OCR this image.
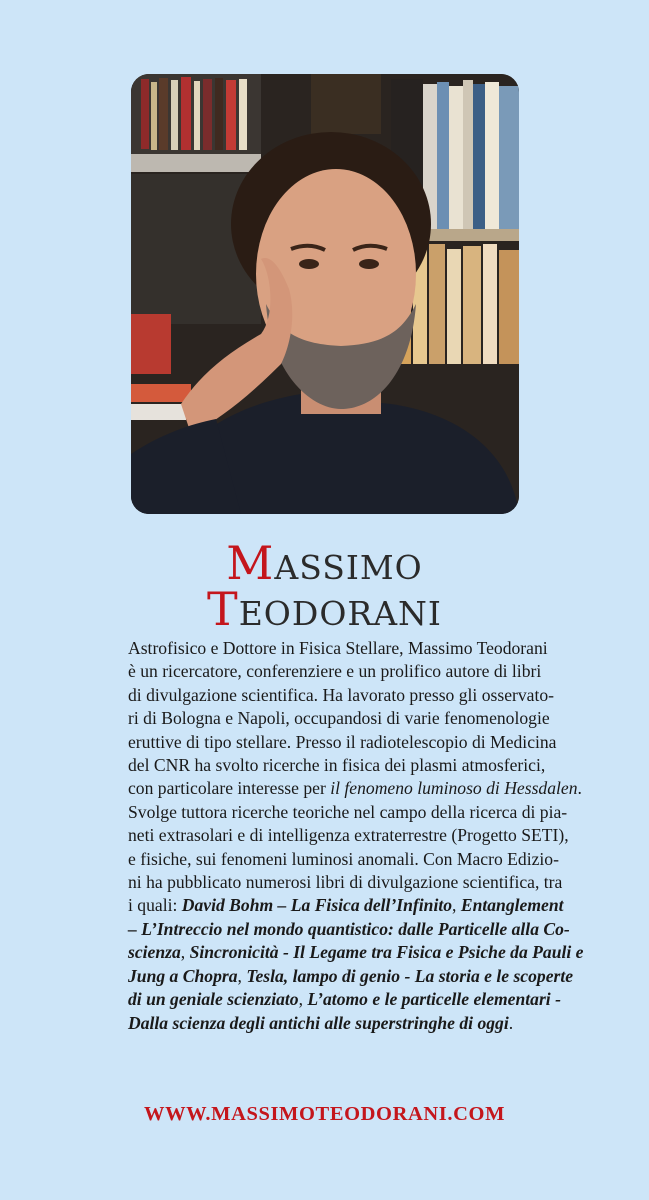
MASSIMO
TEODORANI
Astrofisico e Dottore in Fisica Stellare, Massimo Teodorani
è un ricercatore, conferenziere e un prolifico autore di libri
di divulgazione scientifica. Ha lavorato presso gli osservato-
ri di Bologna e Napoli, occupandosi di varie fenomenologie
eruttive di tipo stellare. Presso il radiotelescopio di Medicina
del CNR ha svolto ricerche in fisica dei plasmi atmosferici,
con particolare interesse per il fenomeno luminoso di Hessdalen.
Svolge tuttora ricerche teoriche nel campo della ricerca di pia-
neti extrasolari e di intelligenza extraterrestre (Progetto SETI),
e fisiche, sui fenomeni luminosi anomali. Con Macro Edizio-
ni ha pubblicato numerosi libri di divulgazione scientifica, tra
i quali: David Bohm – La Fisica dell’Infinito, Entanglement
– L’Intreccio nel mondo quantistico: dalle Particelle alla Co-
scienza, Sincronicità - Il Legame tra Fisica e Psiche da Pauli e
Jung a Chopra, Tesla, lampo di genio - La storia e le scoperte
di un geniale scienziato, L’atomo e le particelle elementari -
Dalla scienza degli antichi alle superstringhe di oggi.
WWW.MASSIMOTEODORANI.COM
